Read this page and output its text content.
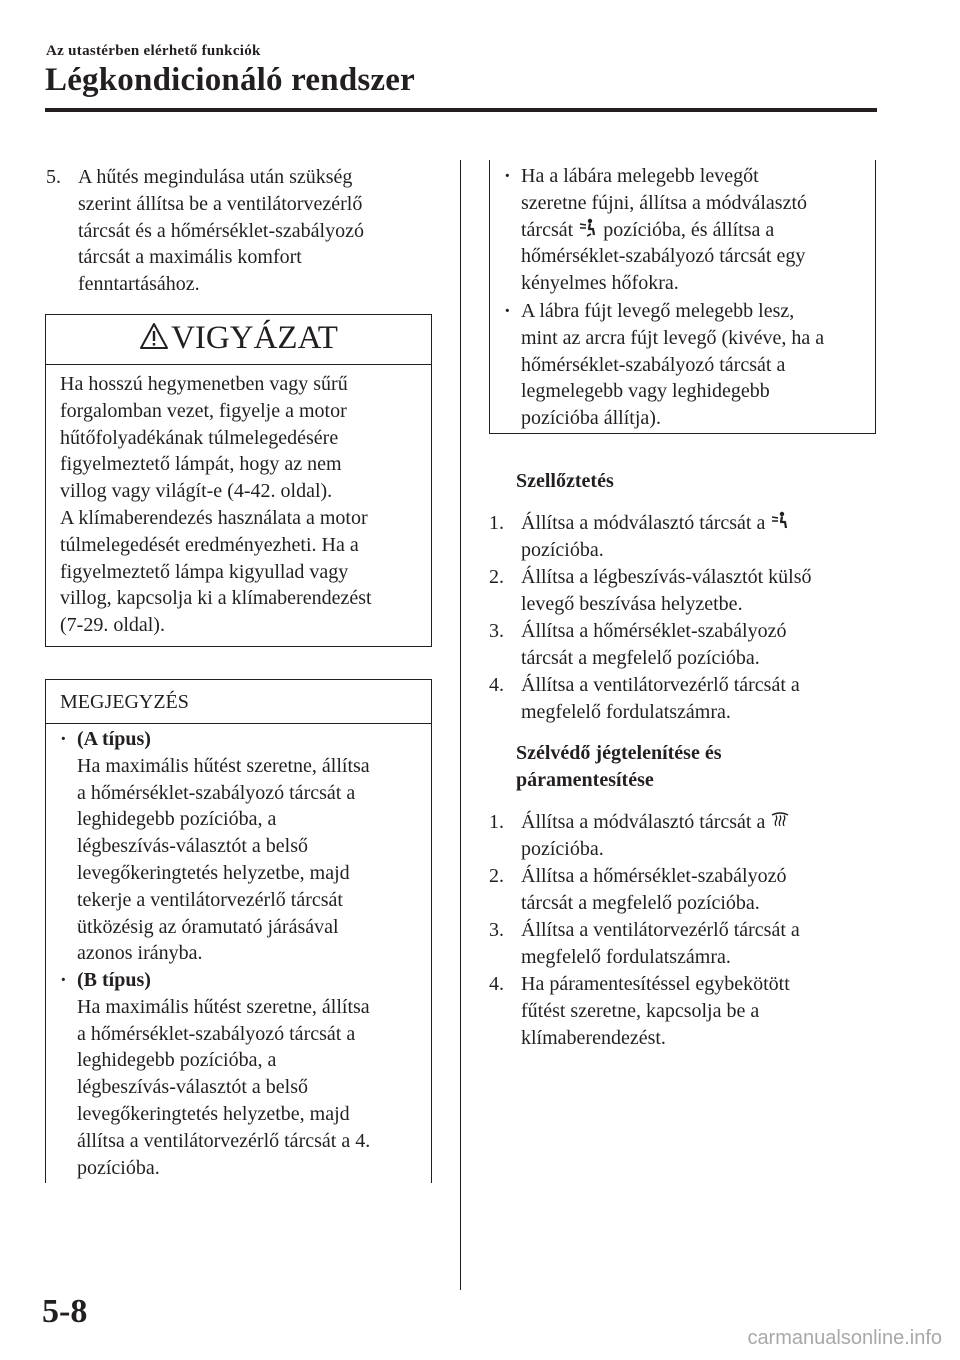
Az utastérben elérhető funkciók
Légkondicionáló rendszer
5. A hűtés megindulása után szükség
szerint állítsa be a ventilátorvezérlő
tárcsát és a hőmérséklet-szabályozó
tárcsát a maximális komfort
fenntartásához.
VIGYÁZAT
Ha hosszú hegymenetben vagy sűrű
forgalomban vezet, figyelje a motor
hűtőfolyadékának túlmelegedésére
figyelmeztető lámpát, hogy az nem
villog vagy világít-e (4-42. oldal).
A klímaberendezés használata a motor
túlmelegedését eredményezheti. Ha a
figyelmeztető lámpa kigyullad vagy
villog, kapcsolja ki a klímaberendezést
(7-29. oldal).
MEGJEGYZÉS
· (A típus)
Ha maximális hűtést szeretne, állítsa
a hőmérséklet-szabályozó tárcsát a
leghidegebb pozícióba, a
légbeszívás-választót a belső
levegőkeringtetés helyzetbe, majd
tekerje a ventilátorvezérlő tárcsát
ütközésig az óramutató járásával
azonos irányba.
· (B típus)
Ha maximális hűtést szeretne, állítsa
a hőmérséklet-szabályozó tárcsát a
leghidegebb pozícióba, a
légbeszívás-választót a belső
levegőkeringtetés helyzetbe, majd
állítsa a ventilátorvezérlő tárcsát a 4.
pozícióba.
· Ha a lábára melegebb levegőt
szeretne fújni, állítsa a módválasztó
tárcsát pozícióba, és állítsa a
hőmérséklet-szabályozó tárcsát egy
kényelmes hőfokra.
· A lábra fújt levegő melegebb lesz,
mint az arcra fújt levegő (kivéve, ha a
hőmérséklet-szabályozó tárcsát a
legmelegebb vagy leghidegebb
pozícióba állítja).
Szellőztetés
1. Állítsa a módválasztó tárcsát a
pozícióba.
2. Állítsa a légbeszívás-választót külső
levegő beszívása helyzetbe.
3. Állítsa a hőmérséklet-szabályozó
tárcsát a megfelelő pozícióba.
4. Állítsa a ventilátorvezérlő tárcsát a
megfelelő fordulatszámra.
Szélvédő jégtelenítése és
páramentesítése
1. Állítsa a módválasztó tárcsát a
pozícióba.
2. Állítsa a hőmérséklet-szabályozó
tárcsát a megfelelő pozícióba.
3. Állítsa a ventilátorvezérlő tárcsát a
megfelelő fordulatszámra.
4. Ha páramentesítéssel egybekötött
fűtést szeretne, kapcsolja be a
klímaberendezést.
5-8
carmanualsonline.info
